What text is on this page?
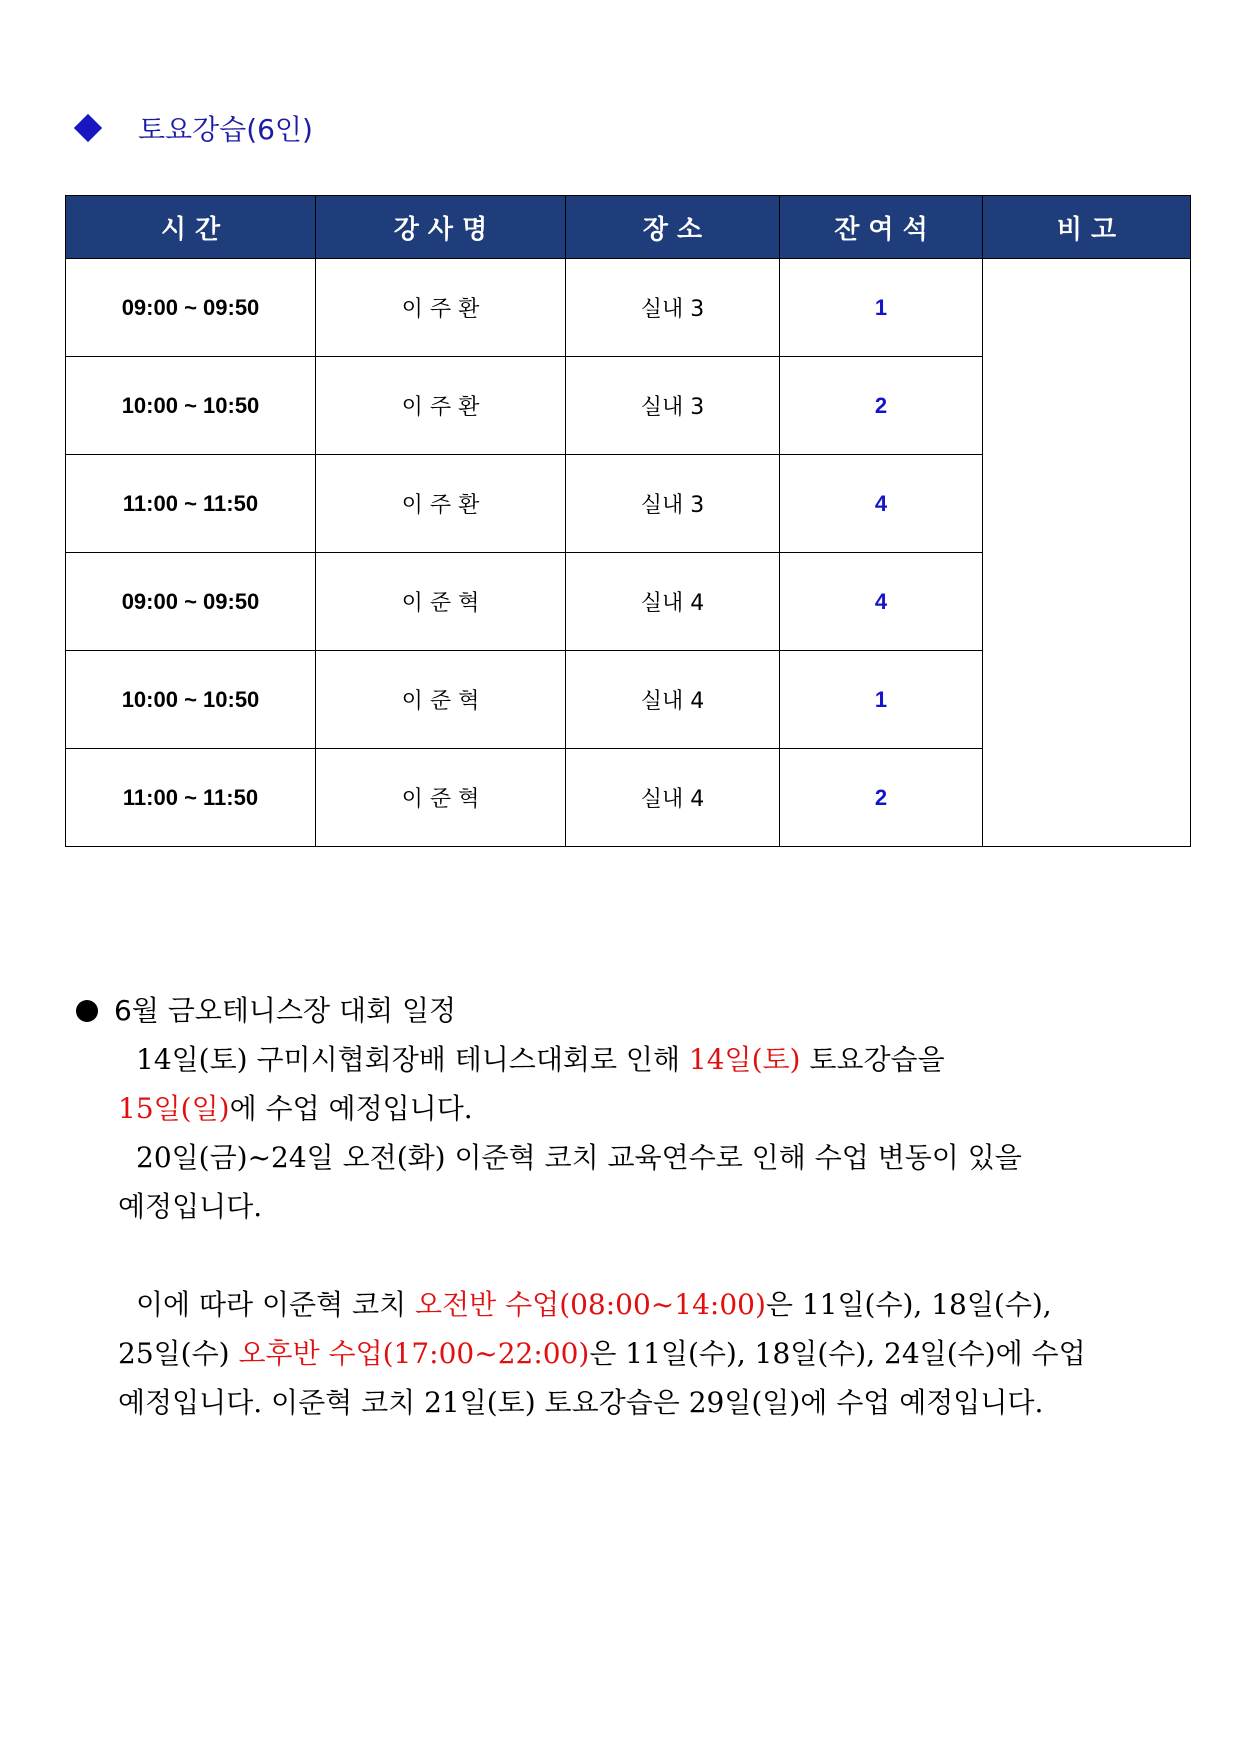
토요강습(6인)
시 간	강 사 명	장 소	잔 여 석	비 고
09:00 ~ 09:50	이 주 환	실내 3	1	
10:00 ~ 10:50	이 주 환	실내 3	2	
11:00 ~ 11:50	이 주 환	실내 3	4	
09:00 ~ 09:50	이 준 혁	실내 4	4	
10:00 ~ 10:50	이 준 혁	실내 4	1	
11:00 ~ 11:50	이 준 혁	실내 4	2	
6월 금오테니스장 대회 일정

14일(토) 구미시협회장배 테니스대회로 인해 14일(토) 토요강습을

15일(일)에 수업 예정입니다.

20일(금)~24일 오전(화) 이준혁 코치 교육연수로 인해 수업 변동이 있을

예정입니다.

이에 따라 이준혁 코치 오전반 수업(08:00~14:00)은 11일(수), 18일(수),

25일(수) 오후반 수업(17:00~22:00)은 11일(수), 18일(수), 24일(수)에 수업

예정입니다. 이준혁 코치 21일(토) 토요강습은 29일(일)에 수업 예정입니다.
